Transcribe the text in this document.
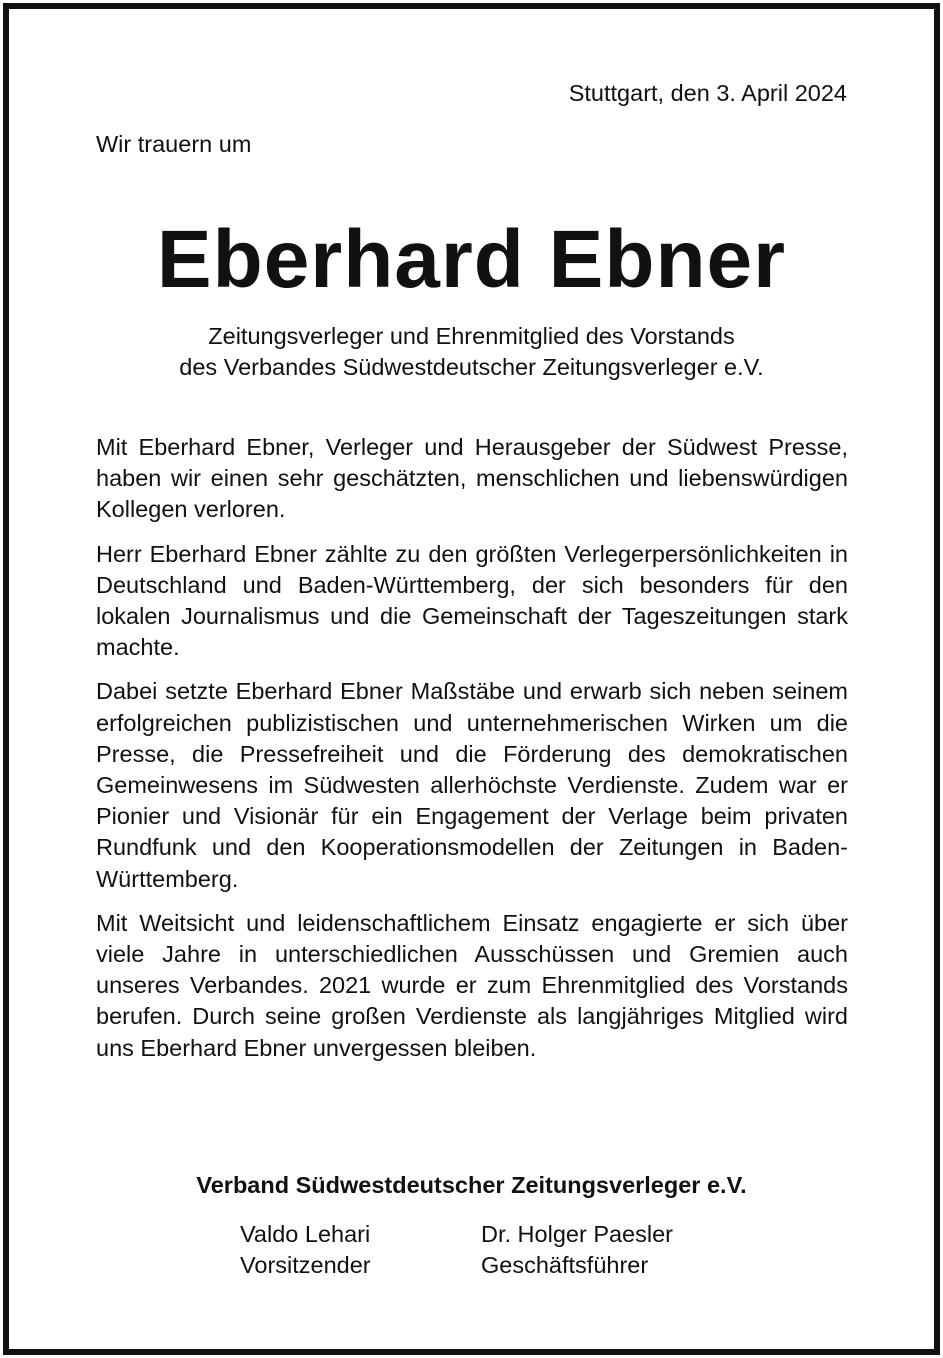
Stuttgart, den 3. April 2024
Wir trauern um
Eberhard Ebner
Zeitungsverleger und Ehrenmitglied des Vorstands
des Verbandes Südwestdeutscher Zeitungsverleger e.V.

Mit Eberhard Ebner, Verleger und Herausgeber der Südwest Presse, haben wir einen sehr geschätzten, menschlichen und liebenswürdigen Kollegen verloren.

Herr Eberhard Ebner zählte zu den größten Verlegerpersönlichkeiten in Deutschland und Baden-Württemberg, der sich besonders für den lokalen Journalismus und die Gemeinschaft der Tageszeitungen stark machte.

Dabei setzte Eberhard Ebner Maßstäbe und erwarb sich neben seinem erfolgreichen publizistischen und unternehmerischen Wirken um die Presse, die Pressefreiheit und die Förderung des demokratischen Gemeinwesens im Südwesten allerhöchste Verdienste. Zudem war er Pionier und Visionär für ein Engagement der Verlage beim privaten Rundfunk und den Kooperationsmodellen der Zeitungen in Baden-Württemberg.

Mit Weitsicht und leidenschaftlichem Einsatz engagierte er sich über viele Jahre in unterschiedlichen Ausschüssen und Gremien auch unseres Verbandes. 2021 wurde er zum Ehrenmitglied des Vorstands berufen. Durch seine großen Verdienste als langjähriges Mitglied wird uns Eberhard Ebner unvergessen bleiben.

Verband Südwestdeutscher Zeitungsverleger e.V.
Valdo Lehari
Vorsitzender
Dr. Holger Paesler
Geschäftsführer
